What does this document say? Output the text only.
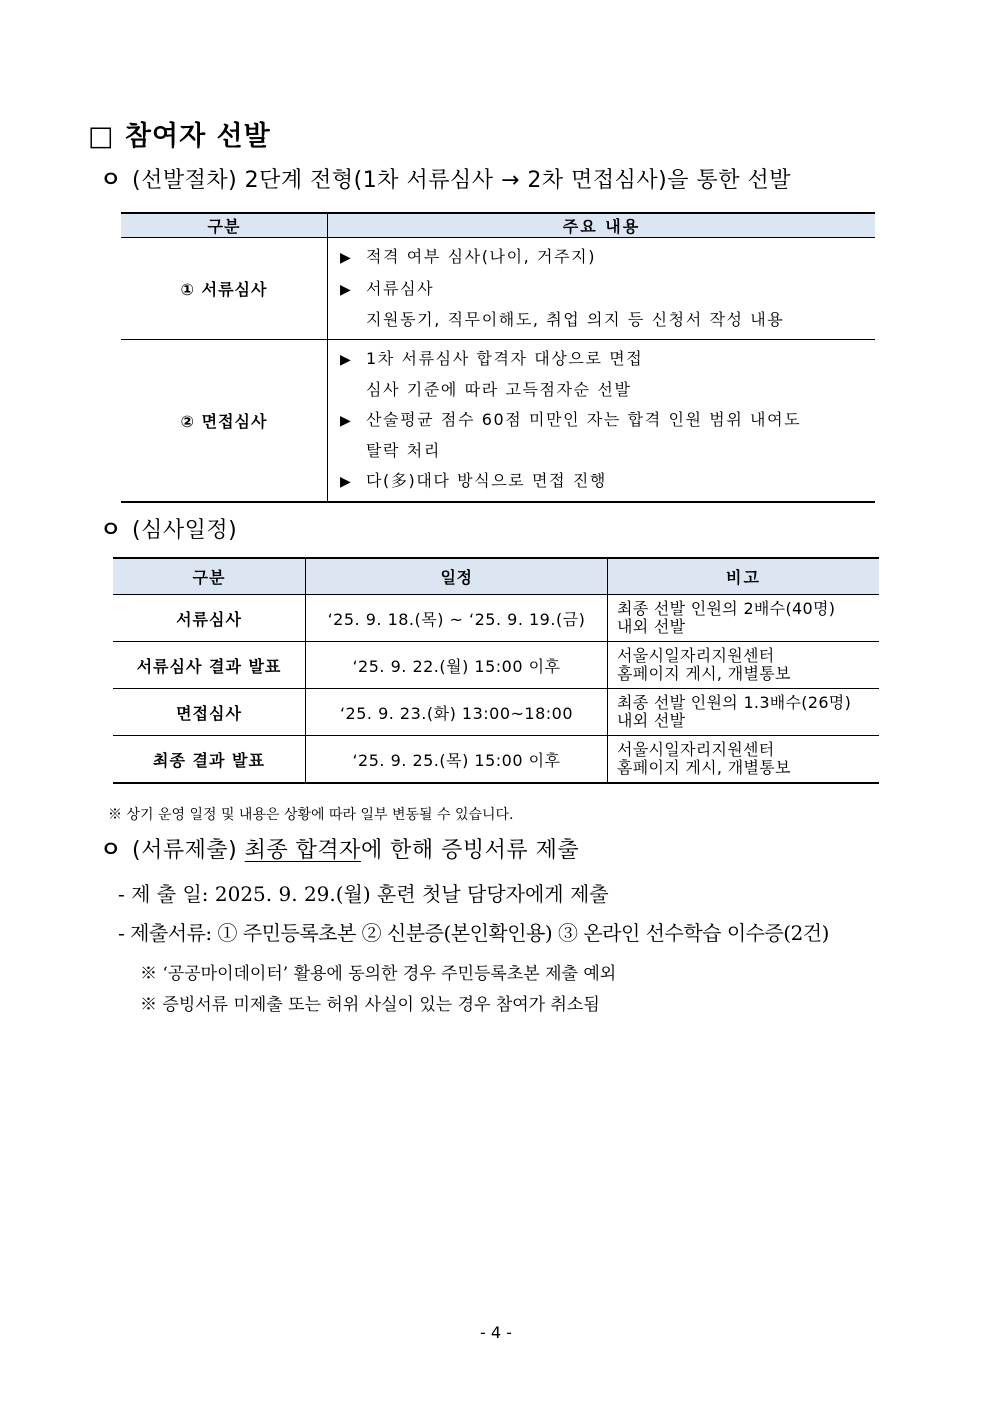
□ 참여자 선발
ㅇ (선발절차) 2단계 전형(1차 서류심사 → 2차 면접심사)을 통한 선발
구분	주요 내용
① 서류심사	▶ 적격 여부 심사(나이, 거주지)
▶ 서류심사
지원동기, 직무이해도, 취업 의지 등 신청서 작성 내용

② 면접심사	▶ 1차 서류심사 합격자 대상으로 면접
심사 기준에 따라 고득점자순 선발
▶ 산술평균 점수 60점 미만인 자는 합격 인원 범위 내여도
탈락 처리
▶ 다(多)대다 방식으로 면접 진행
ㅇ (심사일정)
구분	일정	비고
서류심사	‘25. 9. 18.(목) ~ ‘25. 9. 19.(금)	최종 선발 인원의 2배수(40명)
내외 선발

서류심사 결과 발표	‘25. 9. 22.(월) 15:00 이후	서울시일자리지원센터
홈페이지 게시, 개별통보

면접심사	‘25. 9. 23.(화) 13:00~18:00	최종 선발 인원의 1.3배수(26명)
내외 선발

최종 결과 발표	‘25. 9. 25.(목) 15:00 이후	서울시일자리지원센터
홈페이지 게시, 개별통보
※ 상기 운영 일정 및 내용은 상황에 따라 일부 변동될 수 있습니다.
ㅇ (서류제출) 최종 합격자에 한해 증빙서류 제출
- 제 출 일: 2025. 9. 29.(월) 훈련 첫날 담당자에게 제출
- 제출서류: ① 주민등록초본 ② 신분증(본인확인용) ③ 온라인 선수학습 이수증(2건)
※ ‘공공마이데이터’ 활용에 동의한 경우 주민등록초본 제출 예외
※ 증빙서류 미제출 또는 허위 사실이 있는 경우 참여가 취소됨
- 4 -
